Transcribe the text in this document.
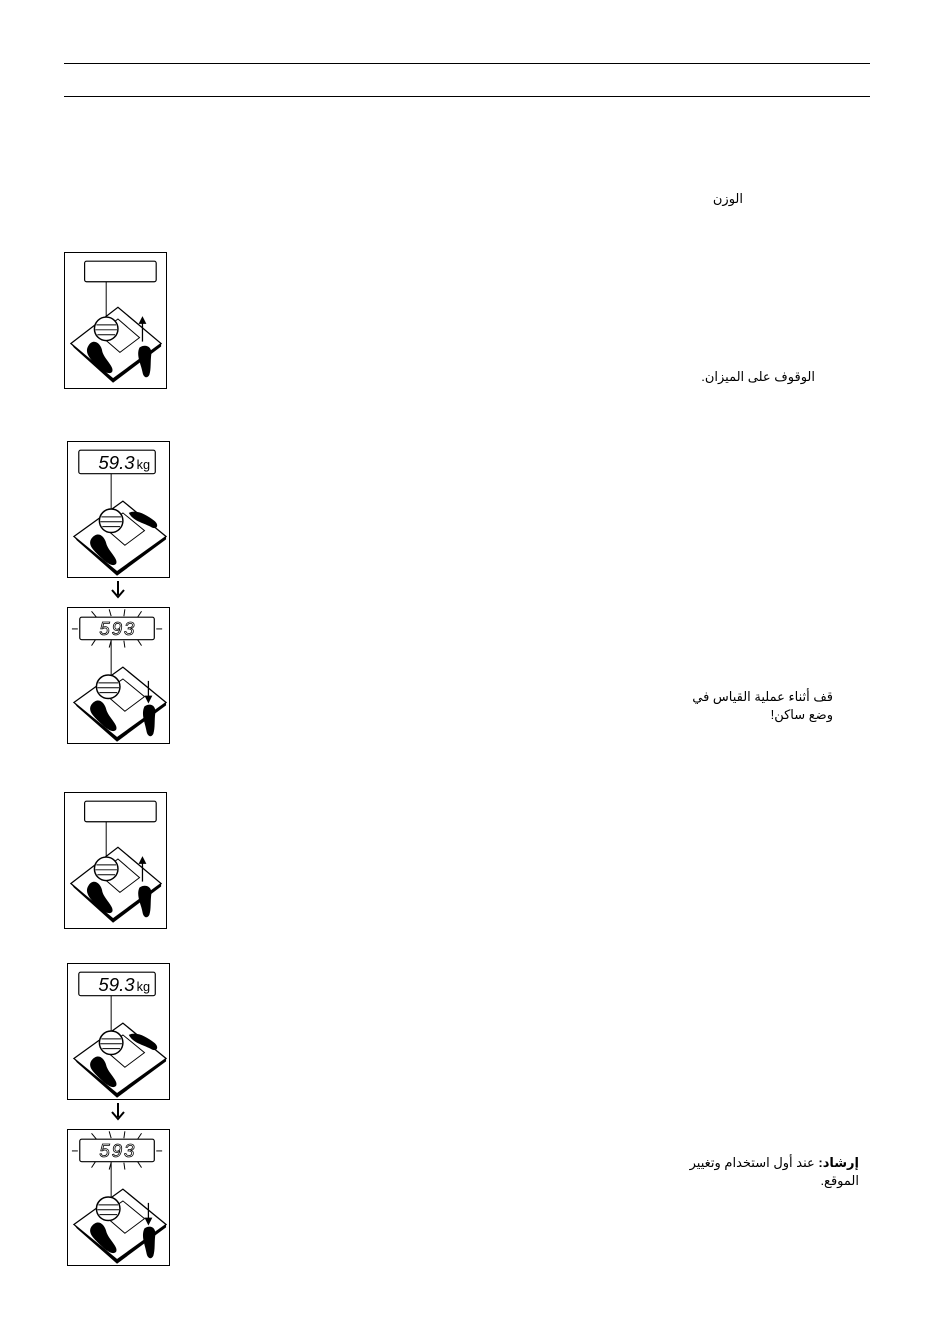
الوزن
الوقوف على الميزان.
قف أثناء عملية القياس في
وضع ساكن!
إرشاد: عند أول استخدام وتغيير
الموقع.
59.3 kg
593
59.3 kg
593
